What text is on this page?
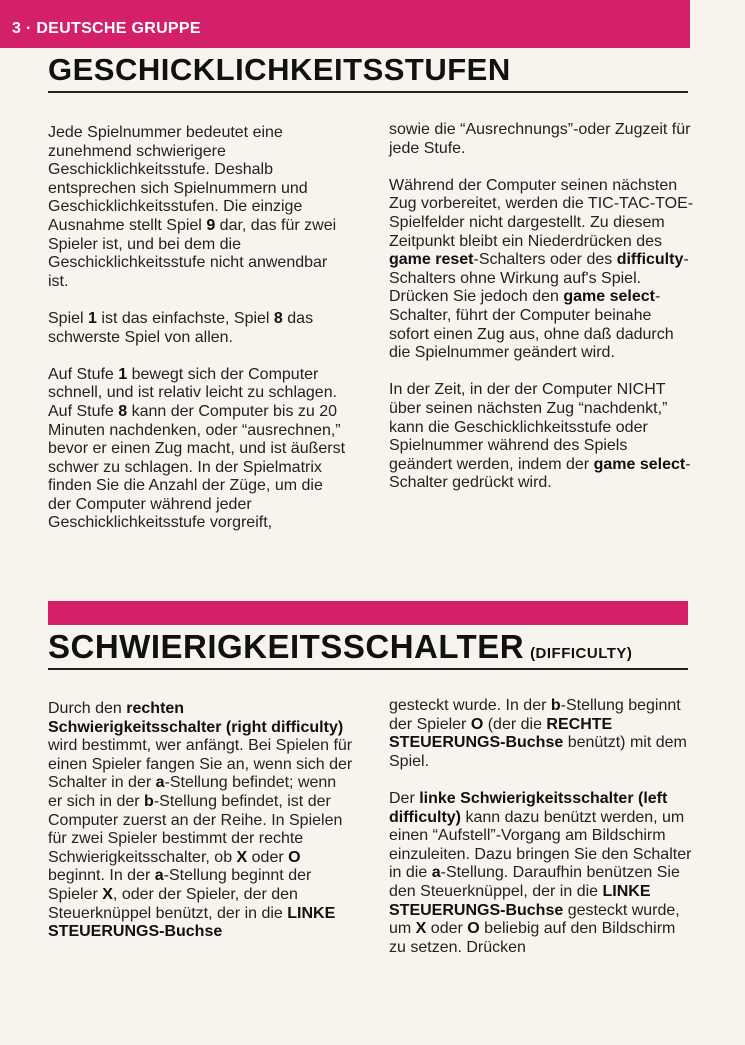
3 · DEUTSCHE GRUPPE
GESCHICKLICHKEITSSTUFEN

Jede Spielnummer bedeutet eine zunehmend schwierigere Geschicklichkeitsstufe. Deshalb entsprechen sich Spielnummern und Geschicklichkeitsstufen. Die einzige Ausnahme stellt Spiel 9 dar, das für zwei Spieler ist, und bei dem die Geschicklichkeitsstufe nicht anwendbar ist.

Spiel 1 ist das einfachste, Spiel 8 das schwerste Spiel von allen.

Auf Stufe 1 bewegt sich der Computer schnell, und ist relativ leicht zu schlagen. Auf Stufe 8 kann der Computer bis zu 20 Minuten nachdenken, oder “ausrechnen,” bevor er einen Zug macht, und ist äußerst schwer zu schlagen. In der Spielmatrix finden Sie die Anzahl der Züge, um die der Computer während jeder Geschicklichkeitsstufe vorgreift,

sowie die “Ausrechnungs”-oder Zugzeit für jede Stufe.

Während der Computer seinen nächsten Zug vorbereitet, werden die TIC-TAC-TOE-Spielfelder nicht dargestellt. Zu diesem Zeitpunkt bleibt ein Niederdrücken des game reset-Schalters oder des difficulty-Schalters ohne Wirkung auf's Spiel. Drücken Sie jedoch den game select-Schalter, führt der Computer beinahe sofort einen Zug aus, ohne daß dadurch die Spielnummer geändert wird.

In der Zeit, in der der Computer NICHT über seinen nächsten Zug “nachdenkt,” kann die Geschicklichkeitsstufe oder Spielnummer während des Spiels geändert werden, indem der game select-Schalter gedrückt wird.

SCHWIERIGKEITSSCHALTER (DIFFICULTY)

Durch den rechten Schwierigkeitsschalter (right difficulty) wird bestimmt, wer anfängt. Bei Spielen für einen Spieler fangen Sie an, wenn sich der Schalter in der a-Stellung befindet; wenn er sich in der b-Stellung befindet, ist der Computer zuerst an der Reihe. In Spielen für zwei Spieler bestimmt der rechte Schwierigkeitsschalter, ob X oder O beginnt. In der a-Stellung beginnt der Spieler X, oder der Spieler, der den Steuerknüppel benützt, der in die LINKE STEUERUNGS-Buchse

gesteckt wurde. In der b-Stellung beginnt der Spieler O (der die RECHTE STEUERUNGS-Buchse benützt) mit dem Spiel.

Der linke Schwierigkeitsschalter (left difficulty) kann dazu benützt werden, um einen “Aufstell”-Vorgang am Bildschirm einzuleiten. Dazu bringen Sie den Schalter in die a-Stellung. Daraufhin benützen Sie den Steuerknüppel, der in die LINKE STEUERUNGS-Buchse gesteckt wurde, um X oder O beliebig auf den Bildschirm zu setzen. Drücken
